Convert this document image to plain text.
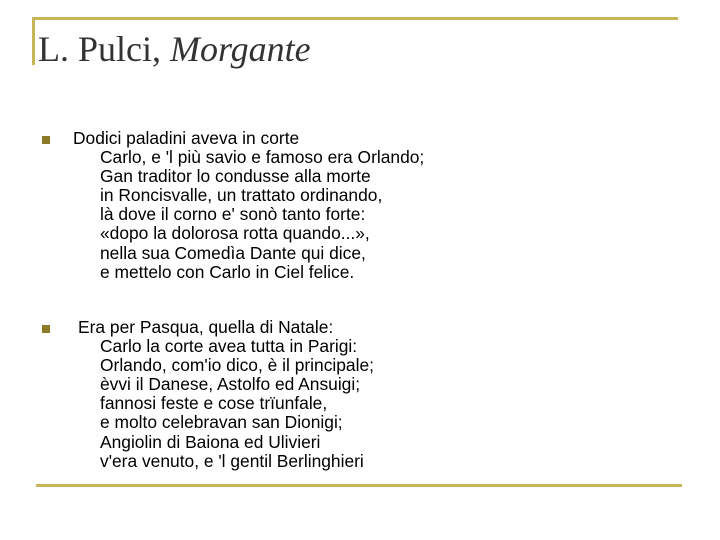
L. Pulci, Morgante
Dodici paladini aveva in corte
Carlo, e 'l più savio e famoso era Orlando;
Gan traditor lo condusse alla morte
in Roncisvalle, un trattato ordinando,
là dove il corno e' sonò tanto forte:
«dopo la dolorosa rotta quando...»,
nella sua Comedìa Dante qui dice,
e mettelo con Carlo in Ciel felice.
Era per Pasqua, quella di Natale:
Carlo la corte avea tutta in Parigi:
Orlando, com'io dico, è il principale;
èvvi il Danese, Astolfo ed Ansuigi;
fannosi feste e cose trïunfale,
e molto celebravan san Dionigi;
Angiolin di Baiona ed Ulivieri
v'era venuto, e 'l gentil Berlinghieri
